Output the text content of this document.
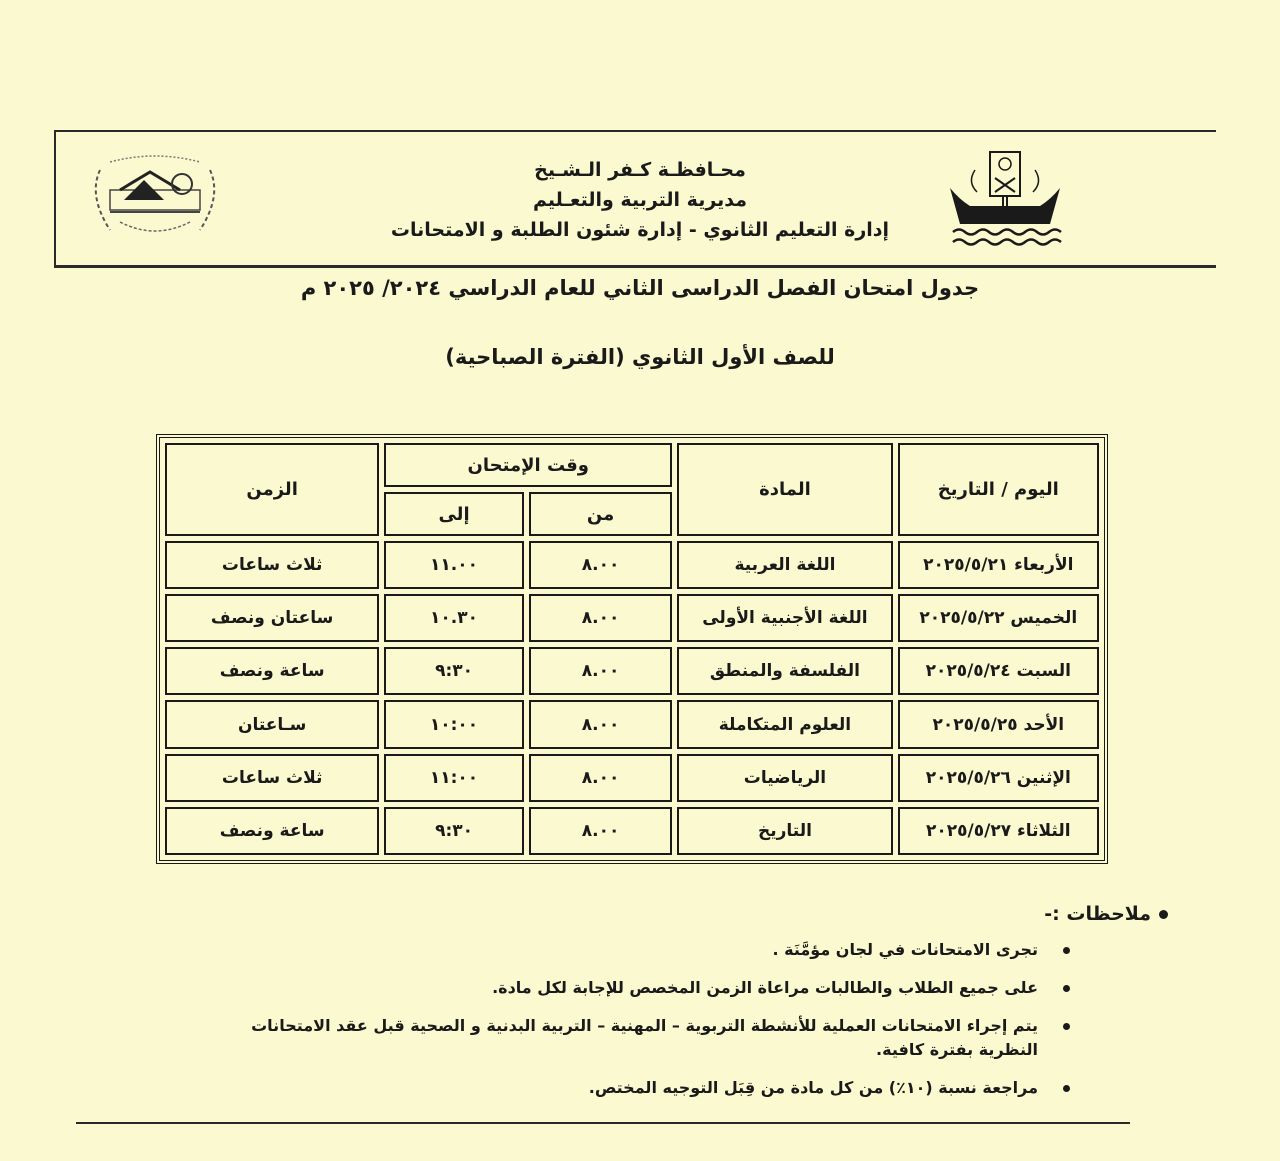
محـافظـة كـفر الـشـيخ
مديرية التربية والتعـليم
إدارة التعليم الثانوي - إدارة شئون الطلبة و الامتحانات
جدول امتحان الفصل الدراسى الثاني للعام الدراسي ٢٠٢٤/ ٢٠٢٥ م
للصف الأول الثانوي (الفترة الصباحية)
اليوم / التاريخ	المادة	وقت الإمتحان		الزمن
		من	إلى	
الأربعاء ٢٠٢٥/٥/٢١	اللغة العربية	٨.٠٠	١١.٠٠	ثلاث ساعات
الخميس ٢٠٢٥/٥/٢٢	اللغة الأجنبية الأولى	٨.٠٠	١٠.٣٠	ساعتان ونصف
السبت ٢٠٢٥/٥/٢٤	الفلسفة والمنطق	٨.٠٠	٩:٣٠	ساعة ونصف
الأحد ٢٠٢٥/٥/٢٥	العلوم المتكاملة	٨.٠٠	١٠:٠٠	سـاعتان
الإثنين ٢٠٢٥/٥/٢٦	الرياضيات	٨.٠٠	١١:٠٠	ثلاث ساعات
الثلاثاء ٢٠٢٥/٥/٢٧	التاريخ	٨.٠٠	٩:٣٠	ساعة ونصف
ملاحظات :-
تجرى الامتحانات في لجان مؤمَّنَة .
على جميع الطلاب والطالبات مراعاة الزمن المخصص للإجابة لكل مادة.
يتم إجراء الامتحانات العملية للأنشطة التربوية – المهنية – التربية البدنية و الصحية قبل عقد الامتحانات النظرية بفترة كافية.
مراجعة نسبة (١٠٪) من كل مادة من قِبَل التوجيه المختص.
